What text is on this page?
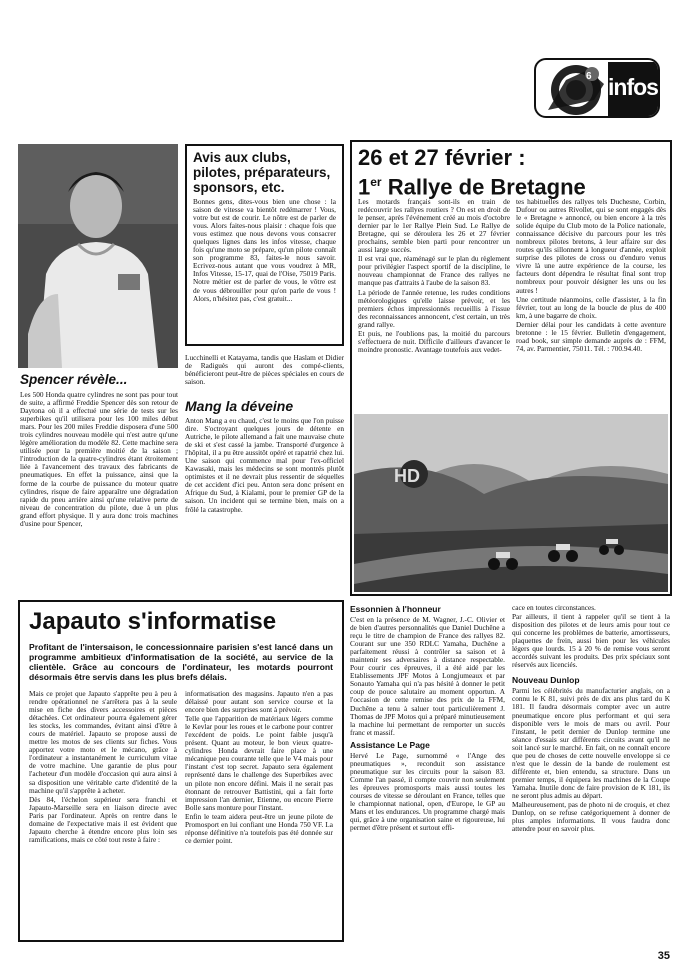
6 infos
Spencer révèle...

Les 500 Honda quatre cylindres ne sont pas pour tout de suite, a affirmé Freddie Spencer dès son retour de Daytona où il a effectué une série de tests sur les superbikes qu'il utilisera pour les 100 miles début mars. Pour les 200 miles Freddie disposera d'une 500 trois cylindres nouveau modèle qui n'est autre qu'une légère amélioration du modèle 82. Cette machine sera utilisée pour la première moitié de la saison ; l'introduction de la quatre-cylindres étant étroitement liée à l'avancement des travaux des fabricants de pneumatiques. En effet la puissance, ainsi que la forme de la courbe de puissance du moteur quatre cylindres, risque de faire apparaître une dégradation rapide du pneu arrière ainsi qu'une relative perte de niveau de concentration du pilote, due à un plus grand effort physique. Il y aura donc trois machines d'usine pour Spencer,

Avis aux clubs, pilotes, préparateurs, sponsors, etc.

Bonnes gens, dites-vous bien une chose : la saison de vitesse va bientôt redémarrer ! Vous, votre but est de courir. Le nôtre est de parler de vous. Alors faites-nous plaisir : chaque fois que vous estimez que nous devons vous consacrer quelques lignes dans les infos vitesse, chaque fois qu'une moto se prépare, qu'un pilote connaît son programme 83, faites-le nous savoir. Ecrivez-nous autant que vous voudrez à MR, Infos Vitesse, 15-17, quai de l'Oise, 75019 Paris. Notre métier est de parler de vous, le vôtre est de vous débrouiller pour qu'on parle de vous ! Alors, n'hésitez pas, c'est gratuit...

Lucchinelli et Katayama, tandis que Haslam et Didier de Radiguès qui auront des compé-clients, bénéficieront peut-être de pièces spéciales en cours de saison.

Mang la déveine

Anton Mang a eu chaud, c'est le moins que l'on puisse dire. S'octroyant quelques jours de détente en Autriche, le pilote allemand a fait une mauvaise chute de ski et s'est cassé la jambe. Transporté d'urgence à l'hôpital, il a pu être aussitôt opéré et rapatrié chez lui. Une saison qui commence mal pour l'ex-officiel Kawasaki, mais les médecins se sont montrés plutôt optimistes et il ne devrait plus ressentir de séquelles de cet accident d'ici peu. Anton sera donc présent en Afrique du Sud, à Kialami, pour le premier GP de la saison. Un incident qui se termine bien, mais on a frôlé la catastrophe.

26 et 27 février :
1er Rallye de Bretagne

Les motards français sont-ils en train de redécouvrir les rallyes routiers ? On est en droit de le penser, après l'événement créé au mois d'octobre dernier par le 1er Rallye Plein Sud. Le Rallye de Bretagne, qui se déroulera les 26 et 27 février prochains, semble bien parti pour rencontrer un aussi large succès.

Il est vrai que, réaménagé sur le plan du règlement pour privilégier l'aspect sportif de la discipline, le nouveau championnat de France des rallyes ne manque pas d'attraits à l'aube de la saison 83.

La période de l'année retenue, les rudes conditions météorologiques qu'elle laisse prévoir, et les premiers échos impressionnés recueillis à l'issue des reconnaissances annoncent, c'est certain, un très grand rallye.

Et puis, ne l'oublions pas, la moitié du parcours s'effectuera de nuit. Difficile d'ailleurs d'avancer le moindre pronostic. Avantage toutefois aux vedet-

tes habituelles des rallyes tels Duchesne, Corbin, Dufour ou autres Rivollet, qui se sont engagés dès le « Bretagne » annoncé, ou bien encore à la très solide équipe du Club moto de la Police nationale, connaissance décisive du parcours pour les très nombreux pilotes bretons, à leur affaire sur des routes qu'ils sillonnent à longueur d'année, exploit surprise des pilotes de cross ou d'enduro venus vivre là une autre expérience de la course, les facteurs dont dépendra le résultat final sont trop nombreux pour pouvoir désigner les uns ou les autres !

Une certitude néanmoins, celle d'assister, à la fin février, tout au long de la boucle de plus de 400 km, à une bagarre de choix.

Dernier délai pour les candidats à cette aventure bretonne : le 15 février. Bulletin d'engagement, road book, sur simple demande auprès de : FFM, 74, av. Parmentier, 75011. Tél. : 700.94.40.

HD
Japauto s'informatise

Profitant de l'intersaison, le concessionnaire parisien s'est lancé dans un programme ambitieux d'informatisation de la société, au service de la clientèle. Grâce au concours de l'ordinateur, les motards pourront désormais être servis dans les plus brefs délais.

Mais ce projet que Japauto s'apprête peu à peu à rendre opérationnel ne s'arrêtera pas à la seule mise en fiche des divers accessoires et pièces détachées. Cet ordinateur pourra également gérer les stocks, les commandes, évitant ainsi d'être à cours de matériel. Japauto se propose aussi de mettre les motos de ses clients sur fiches. Vous apportez votre moto et le mécano, grâce à l'ordinateur a instantanément le curriculum vitae de votre machine. Une garantie de plus pour l'acheteur d'un modèle d'occasion qui aura ainsi à sa disposition une véritable carte d'identité de la machine qu'il s'apprête à acheter.

Dès 84, l'échelon supérieur sera franchi et Japauto-Marseille sera en liaison directe avec Paris par l'ordinateur. Après on rentre dans le domaine de l'expectative mais il est évident que Japauto cherche à étendre encore plus loin ses ramifications, mais ce côté tout reste à faire :

informatisation des magasins. Japauto n'en a pas délaissé pour autant son service course et la encore bien des surprises sont à prévoir.

Telle que l'apparition de matériaux légers comme le Kevlar pour les roues et le carbone pour contrer l'excédent de poids. Le point faible jusqu'à présent. Quant au moteur, le bon vieux quatre-cylindres Honda devrait faire place à une mécanique peu courante telle que le V4 mais pour l'instant c'est top secret. Japauto sera également représenté dans le challenge des Superbikes avec un pilote non encore défini. Mais il ne serait pas étonnant de retrouver Battistini, qui a fait forte impression l'an dernier, Etienne, ou encore Pierre Bolle sans monture pour l'instant.

Enfin le team aidera peut-être un jeune pilote de Promosport en lui confiant une Honda 750 VF. La réponse définitive n'a toutefois pas été donnée sur ce dernier point.

Essonnien à l'honneur

C'est en la présence de M. Wagner, J.-C. Olivier et de bien d'autres personnalités que Daniel Duchêne a reçu le titre de champion de France des rallyes 82. Courant sur une 350 RDLC Yamaha, Duchêne a parfaitement réussi à contrôler sa saison et à maintenir ses adversaires à distance respectable. Pour courir ces épreuves, il a été aidé par les Etablissements JPF Motos à Longjumeaux et par Sonauto Yamaha qui n'a pas hésité à donner le petit coup de pouce salutaire au moment opportun. A l'occasion de cette remise des prix de la FFM, Duchêne a tenu à saluer tout particulièrement J. Thomas de JPF Motos qui a préparé minutieusement la machine lui permettant de remporter un succès franc et massif.

Assistance Le Page

Hervé Le Page, surnommé « l'Ange des pneumatiques », reconduit son assistance pneumatique sur les circuits pour la saison 83. Comme l'an passé, il compte couvrir non seulement les épreuves promosports mais aussi toutes les courses de vitesse se déroulant en France, telles que le championnat national, open, d'Europe, le GP au Mans et les endurances. Un programme chargé mais qui, grâce à une organisation saine et rigoureuse, lui permet d'être présent et surtout effi-

cace en toutes circonstances.

Par ailleurs, il tient à rappeler qu'il se tient à la disposition des pilotes et de leurs amis pour tout ce qui concerne les problèmes de batterie, amortisseurs, plaquettes de frein, aussi bien pour les véhicules légers que lourds. 15 à 20 % de remise vous seront accordés suivant les produits. Des prix spéciaux sont réservés aux licenciés.

Nouveau Dunlop

Parmi les célébrités du manufacturier anglais, on a connu le K 81, suivi près de dix ans plus tard du K 181. Il faudra désormais compter avec un autre pneumatique encore plus performant et qui sera disponible vers le mois de mars ou avril. Pour l'instant, le petit dernier de Dunlop termine une séance d'essais sur différents circuits avant qu'il ne soit lancé sur le marché. En fait, on ne connaît encore que peu de choses de cette nouvelle enveloppe si ce n'est que le dessin de la bande de roulement est différente et, bien entendu, sa structure. Dans un premier temps, il équipera les machines de la Coupe Yamaha. Inutile donc de faire provision de K 181, ils ne seront plus admis au départ.

Malheureusement, pas de photo ni de croquis, et chez Dunlop, on se refuse catégoriquement à donner de plus amples informations. Il vous faudra donc attendre pour en savoir plus.

35
